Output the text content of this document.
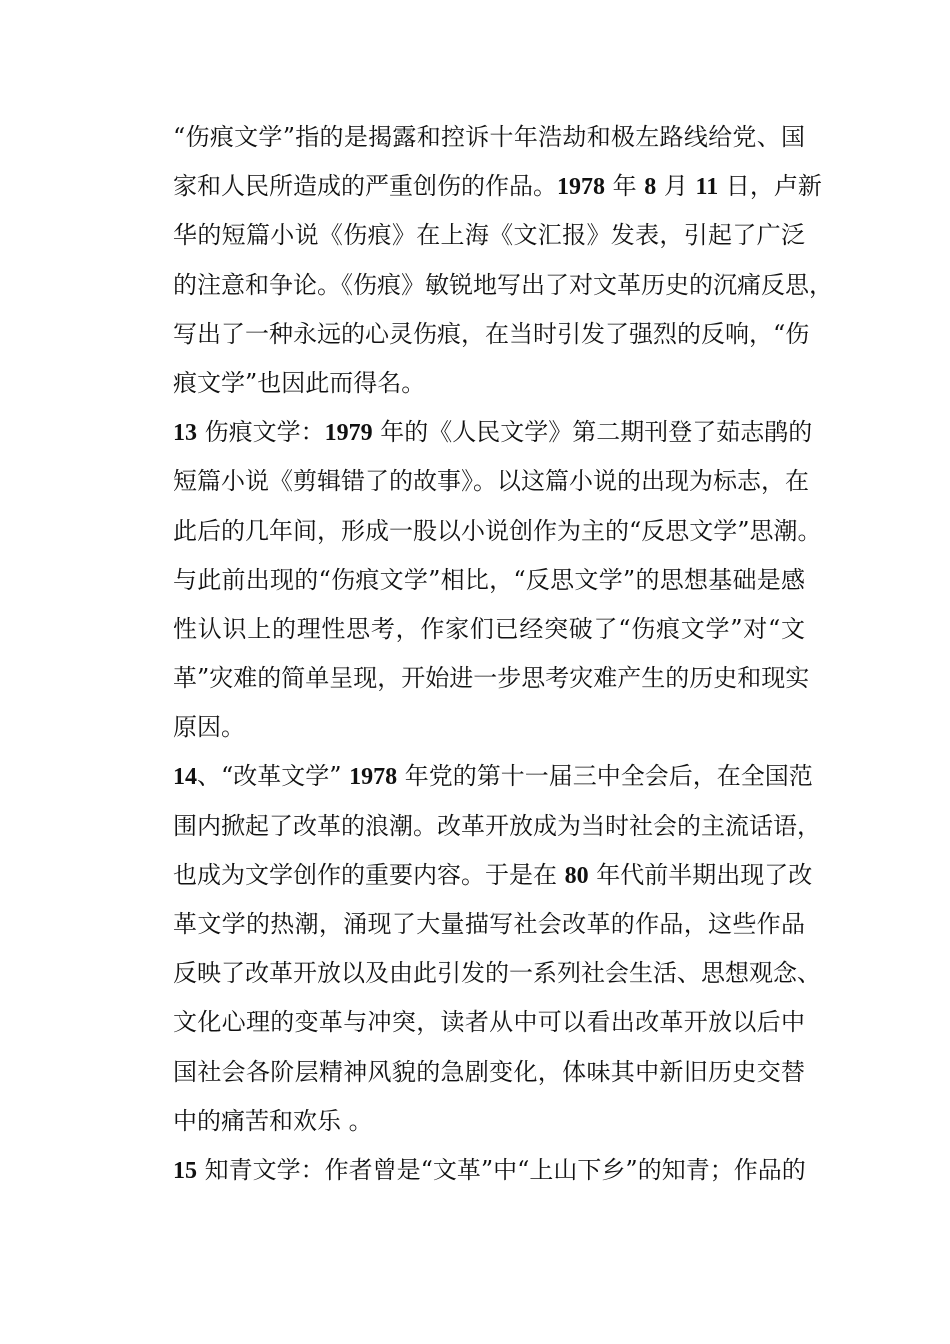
“伤痕文学”指的是揭露和控诉十年浩劫和极左路线给党、国
家和人民所造成的严重创伤的作品。1978 年 8 月 11 日，卢新
华的短篇小说《伤痕》在上海《文汇报》发表，引起了广泛
的注意和争论。《伤痕》敏锐地写出了对文革历史的沉痛反思，
写出了一种永远的心灵伤痕，在当时引发了强烈的反响，“伤
痕文学”也因此而得名。
13 伤痕文学：1979 年的《人民文学》第二期刊登了茹志鹃的
短篇小说《剪辑错了的故事》。以这篇小说的出现为标志，在
此后的几年间，形成一股以小说创作为主的“反思文学”思潮。
与此前出现的“伤痕文学”相比，“反思文学”的思想基础是感
性认识上的理性思考，作家们已经突破了“伤痕文学”对“文
革”灾难的简单呈现，开始进一步思考灾难产生的历史和现实
原因。
14、“改革文学” 1978 年党的第十一届三中全会后，在全国范
围内掀起了改革的浪潮。改革开放成为当时社会的主流话语，
也成为文学创作的重要内容。于是在 80 年代前半期出现了改
革文学的热潮，涌现了大量描写社会改革的作品，这些作品
反映了改革开放以及由此引发的一系列社会生活、思想观念、
文化心理的变革与冲突，读者从中可以看出改革开放以后中
国社会各阶层精神风貌的急剧变化，体味其中新旧历史交替
中的痛苦和欢乐 。
15 知青文学：作者曾是“文革”中“上山下乡”的知青；作品的
